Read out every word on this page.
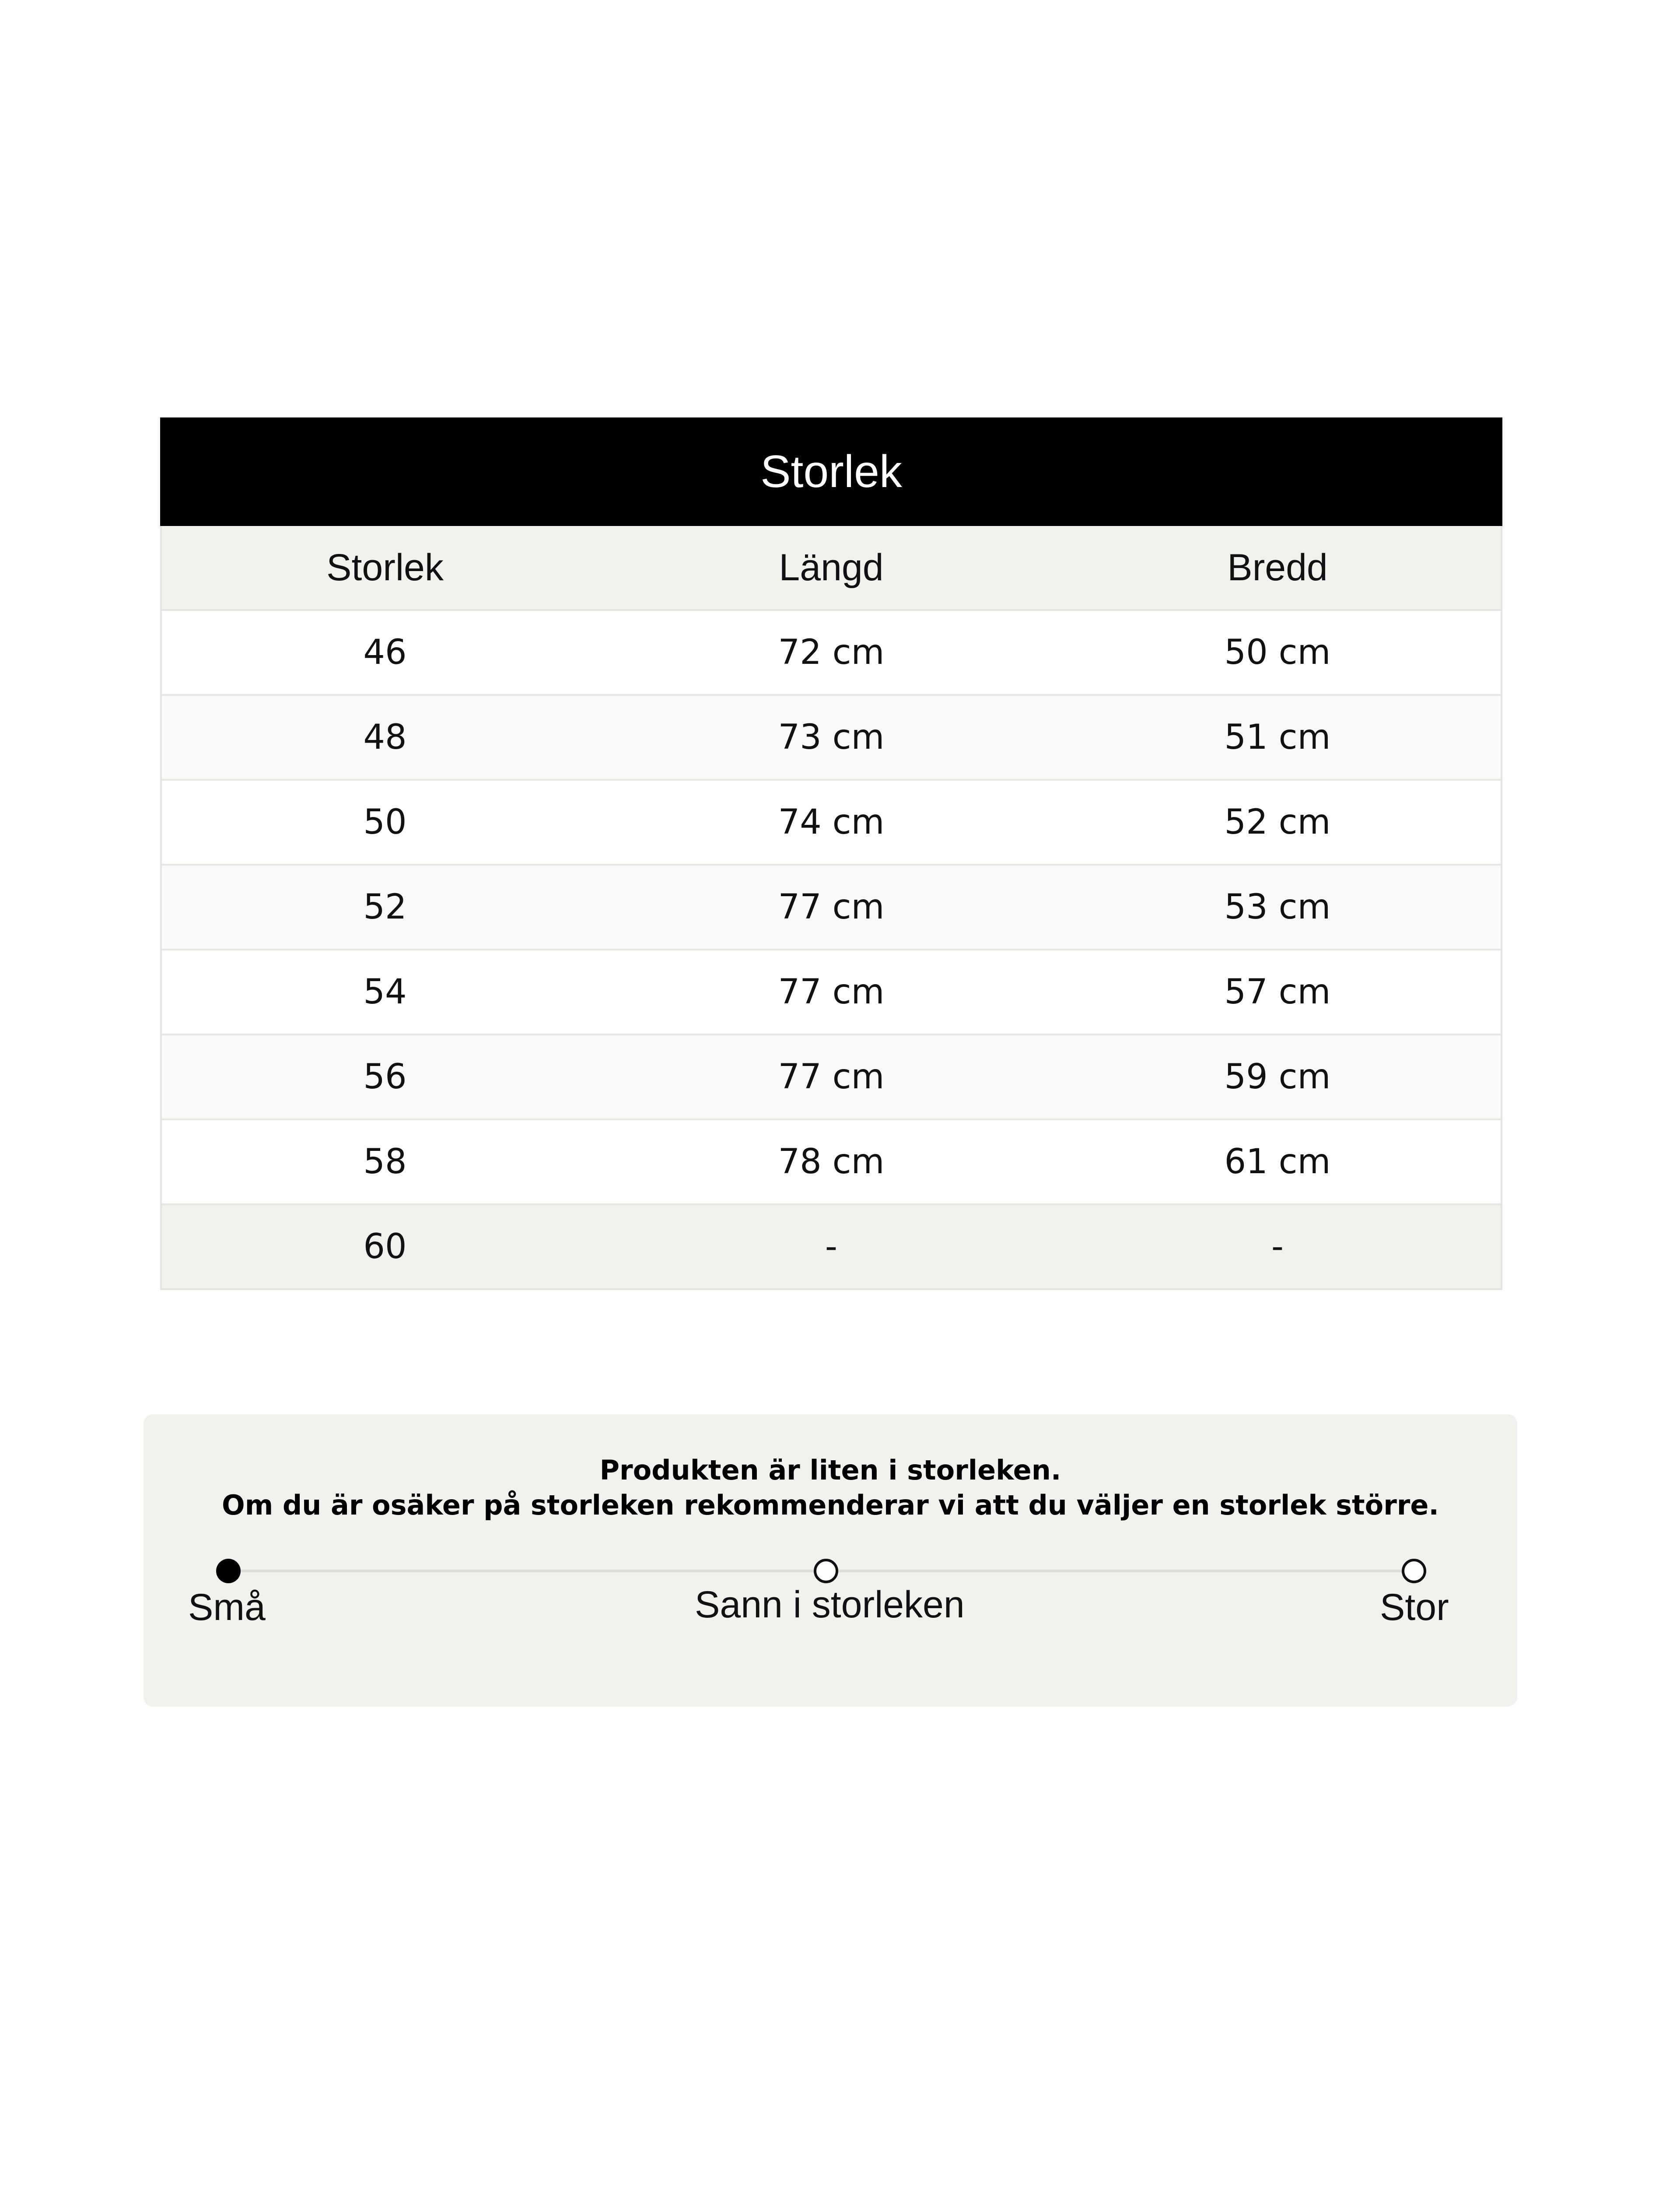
Storlek
Storlek	Längd	Bredd
46	72 cm	50 cm
48	73 cm	51 cm
50	74 cm	52 cm
52	77 cm	53 cm
54	77 cm	57 cm
56	77 cm	59 cm
58	78 cm	61 cm
60	-	-
Produkten är liten i storleken.
Om du är osäker på storleken rekommenderar vi att du väljer en storlek större.
Små	Sann i storleken	Stor
